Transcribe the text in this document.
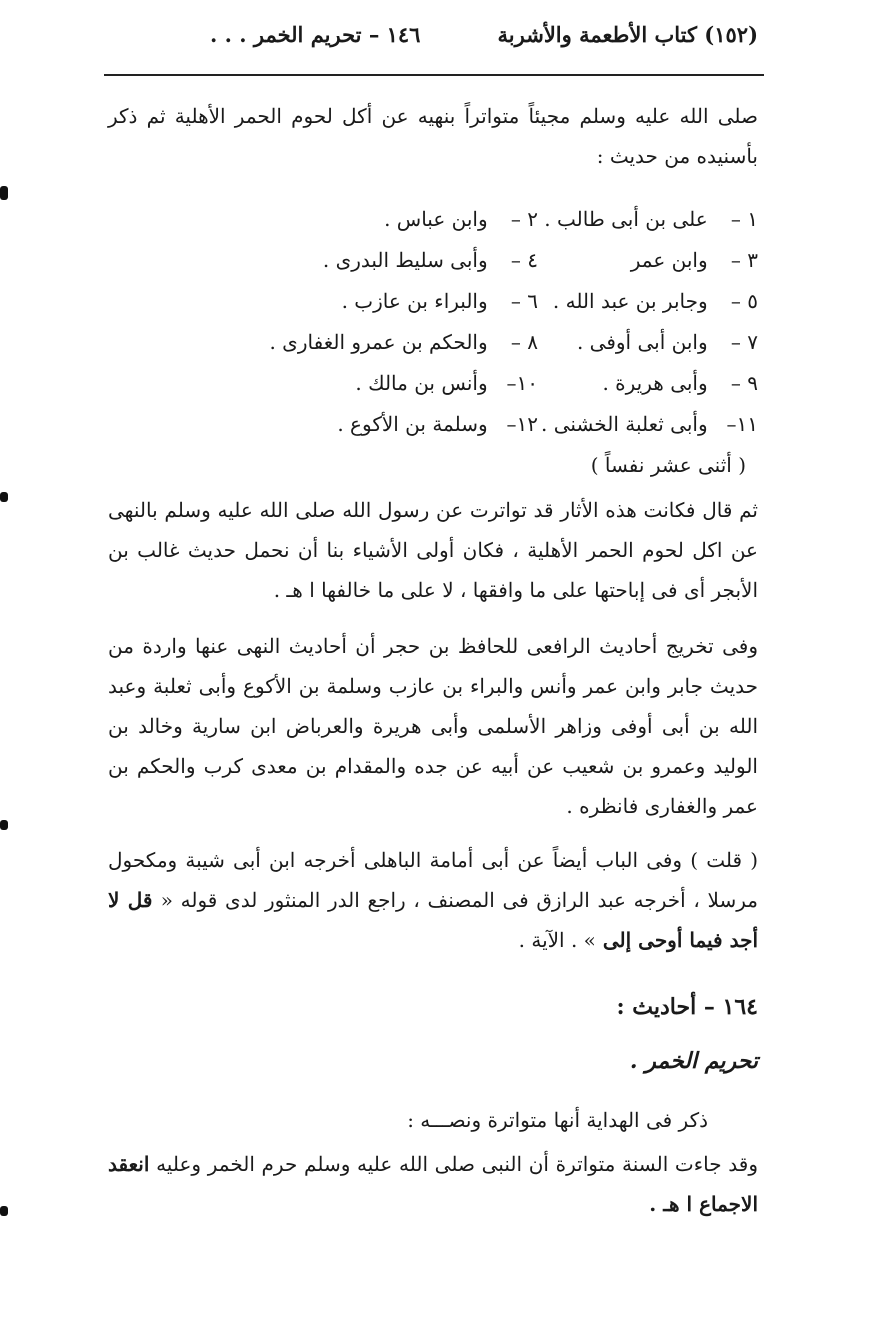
(١٥٢) كتاب الأطعمة والأشربة
١٤٦ – تحريم الخمر . . .
صلى الله عليه وسلم مجيئاً متواتراً بنهيه عن أكل لحوم الحمر الأهلية ثم ذكر بأسنيده من حديث :
١ – على بن أبى طالب .
٢ – وابن عباس .
٣ – وابن عمر
٤ – وأبى سليط البدرى .
٥ – وجابر بن عبد الله .
٦ – والبراء بن عازب .
٧ – وابن أبى أوفى .
٨ – والحكم بن عمرو الغفارى .
٩ – وأبى هريرة .
١٠– وأنس بن مالك .
١١– وأبى ثعلبة الخشنى .
١٢– وسلمة بن الأكوع .
( أثنى عشر نفساً )
ثم قال فكانت هذه الأثار قد تواترت عن رسول الله صلى الله عليه وسلم بالنهى عن اكل لحوم الحمر الأهلية ، فكان أولى الأشياء بنا أن نحمل حديث غالب بن الأبجر أى فى إباحتها على ما وافقها ، لا على ما خالفها ا هـ .
وفى تخريج أحاديث الرافعى للحافظ بن حجر أن أحاديث النهى عنها واردة من حديث جابر وابن عمر وأنس والبراء بن عازب وسلمة بن الأكوع وأبى ثعلبة وعبد الله بن أبى أوفى وزاهر الأسلمى وأبى هريرة والعرباض ابن سارية وخالد بن الوليد وعمرو بن شعيب عن أبيه عن جده والمقدام بن معدى كرب والحكم بن عمر والغفارى فانظره .
( قلت ) وفى الباب أيضاً عن أبى أمامة الباهلى أخرجه ابن أبى شيبة ومكحول مرسلا ، أخرجه عبد الرازق فى المصنف ، راجع الدر المنثور لدى قوله « قل لا أجد فيما أوحى إلى » . الآية .
١٦٤ – أحاديث :
تحريم الخمر .
ذكر فى الهداية أنها متواترة ونصـــه :
وقد جاءت السنة متواترة أن النبى صلى الله عليه وسلم حرم الخمر وعليه انعقد الاجماع ا هـ .
